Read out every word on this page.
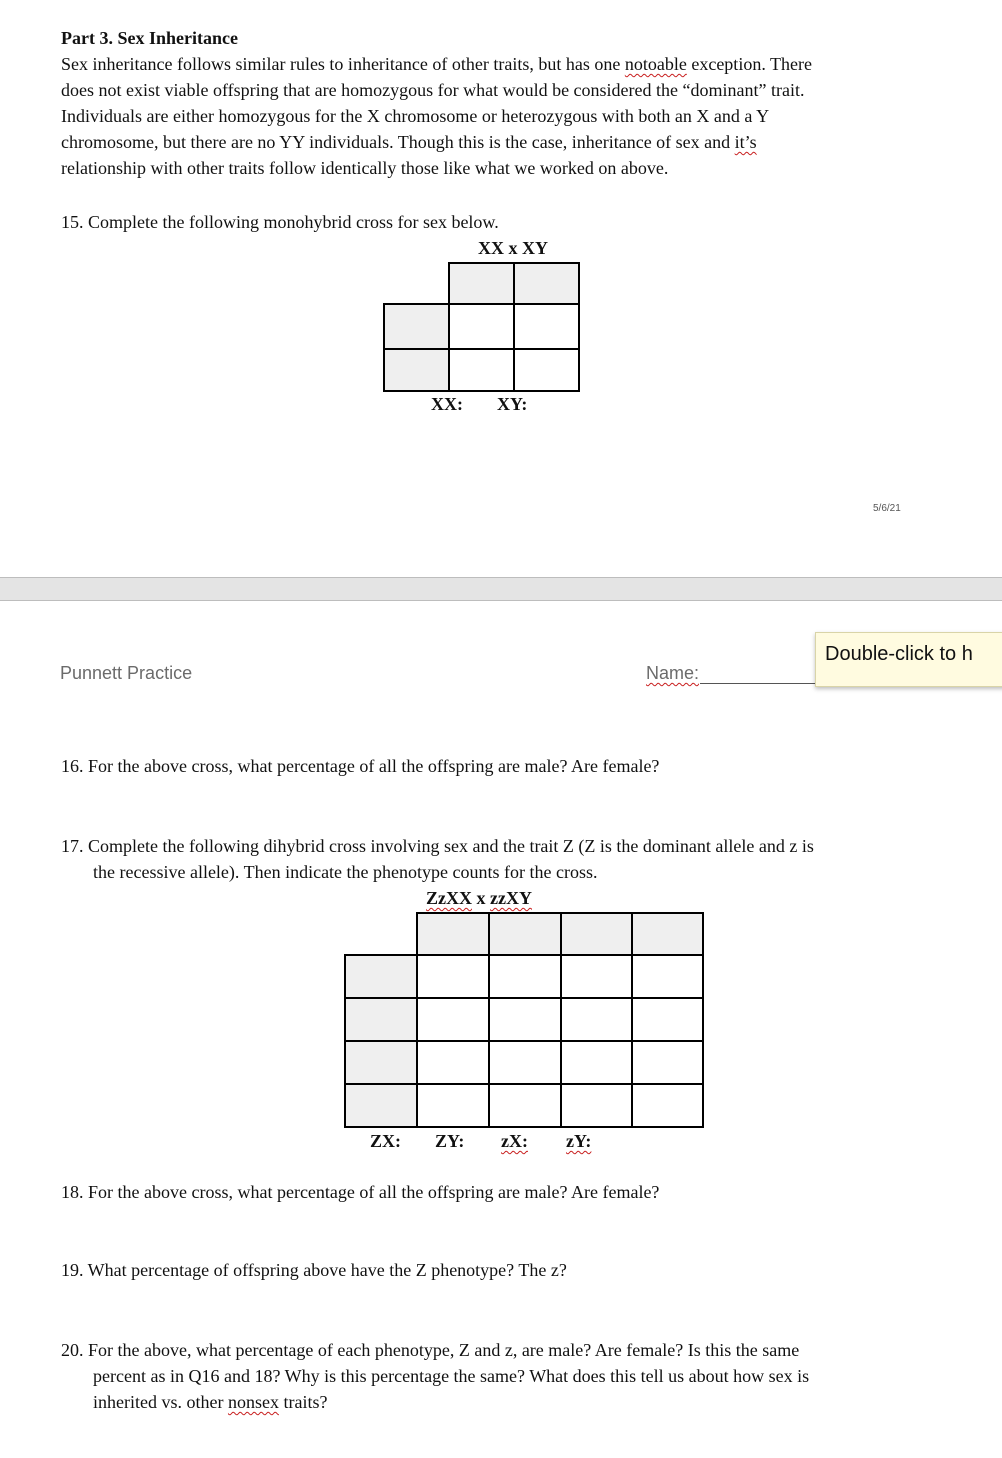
Part 3. Sex Inheritance

Sex inheritance follows similar rules to inheritance of other traits, but has one notoable exception. There

does not exist viable offspring that are homozygous for what would be considered the “dominant” trait.

Individuals are either homozygous for the X chromosome or heterozygous with both an X and a Y

chromosome, but there are no YY individuals. Though this is the case, inheritance of sex and it’s

relationship with other traits follow identically those like what we worked on above.

15. Complete the following monohybrid cross for sex below.
XX x XY
XX: XY:
5/6/21
Punnett Practice	Name:
Double-click to h
16. For the above cross, what percentage of all the offspring are male? Are female?

17. Complete the following dihybrid cross involving sex and the trait Z (Z is the dominant allele and z is

the recessive allele). Then indicate the phenotype counts for the cross.

ZzXX x zzXY
ZX: ZY: zX: zY:
18. For the above cross, what percentage of all the offspring are male? Are female?
19. What percentage of offspring above have the Z phenotype? The z?

20. For the above, what percentage of each phenotype, Z and z, are male? Are female? Is this the same

percent as in Q16 and 18? Why is this percentage the same? What does this tell us about how sex is

inherited vs. other nonsex traits?
